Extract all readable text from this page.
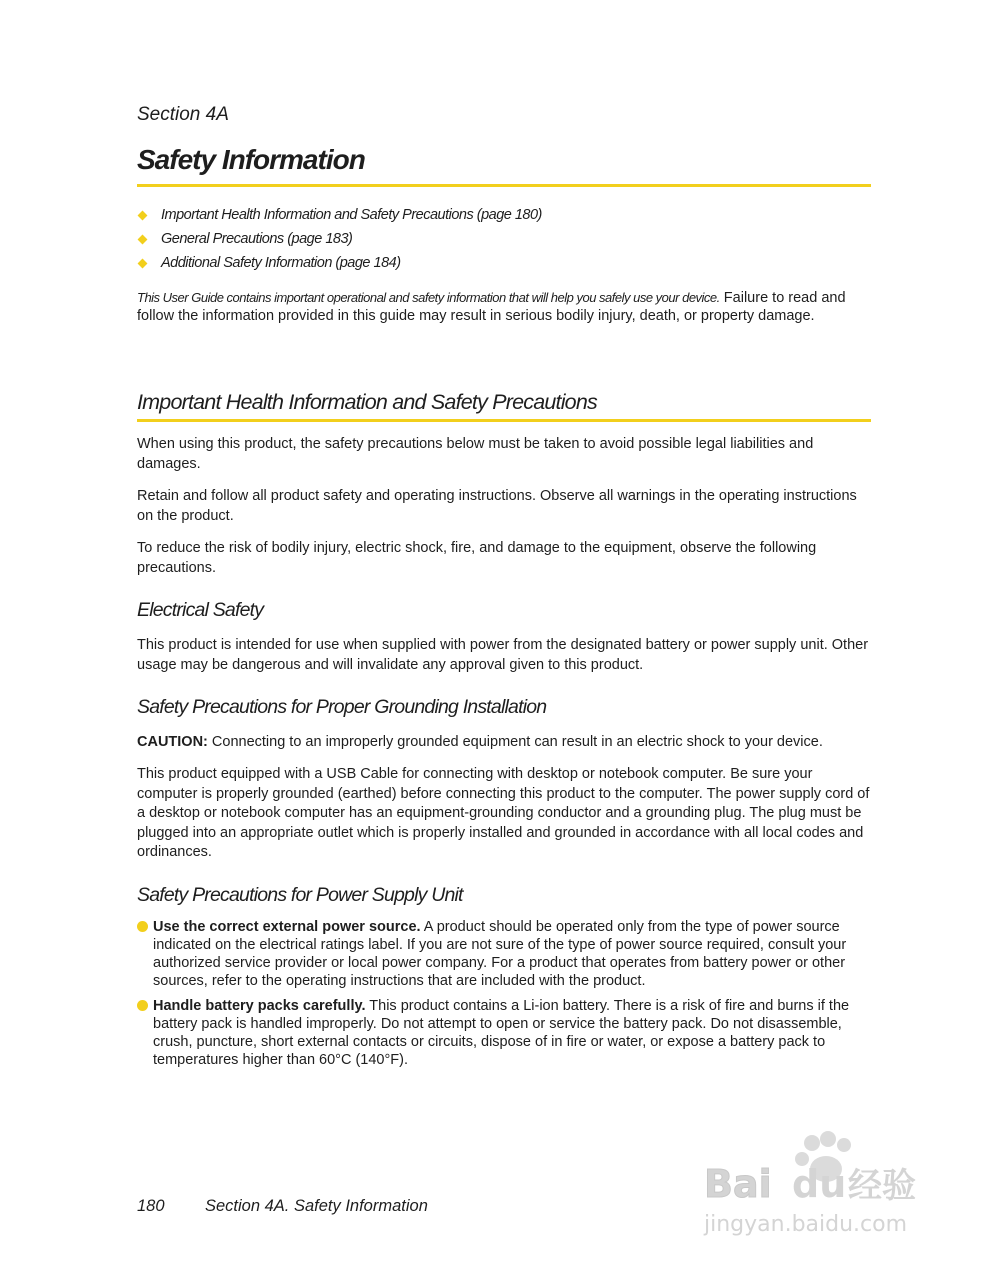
Section 4A
Safety Information
Important Health Information and Safety Precautions (page 180)
General Precautions (page 183)
Additional Safety Information (page 184)

This User Guide contains important operational and safety information that will help you safely use your device. Failure to read and follow the information provided in this guide may result in serious bodily injury, death, or property damage.

Important Health Information and Safety Precautions

When using this product, the safety precautions below must be taken to avoid possible legal liabilities and damages.

Retain and follow all product safety and operating instructions. Observe all warnings in the operating instructions on the product.

To reduce the risk of bodily injury, electric shock, fire, and damage to the equipment, observe the following precautions.

Electrical Safety

This product is intended for use when supplied with power from the designated battery or power supply unit. Other usage may be dangerous and will invalidate any approval given to this product.

Safety Precautions for Proper Grounding Installation

CAUTION: Connecting to an improperly grounded equipment can result in an electric shock to your device.

This product equipped with a USB Cable for connecting with desktop or notebook computer. Be sure your computer is properly grounded (earthed) before connecting this product to the computer. The power supply cord of a desktop or notebook computer has an equipment-grounding conductor and a grounding plug. The plug must be plugged into an appropriate outlet which is properly installed and grounded in accordance with all local codes and ordinances.

Safety Precautions for Power Supply Unit
Use the correct external power source. A product should be operated only from the type of power source indicated on the electrical ratings label. If you are not sure of the type of power source required, consult your authorized service provider or local power company. For a product that operates from battery power or other sources, refer to the operating instructions that are included with the product.
Handle battery packs carefully. This product contains a Li-ion battery. There is a risk of fire and burns if the battery pack is handled improperly. Do not attempt to open or service the battery pack. Do not disassemble, crush, puncture, short external contacts or circuits, dispose of in fire or water, or expose a battery pack to temperatures higher than 60°C (140°F).
180	Section 4A. Safety Information	Bai du 经验
jingyan.baidu.com
